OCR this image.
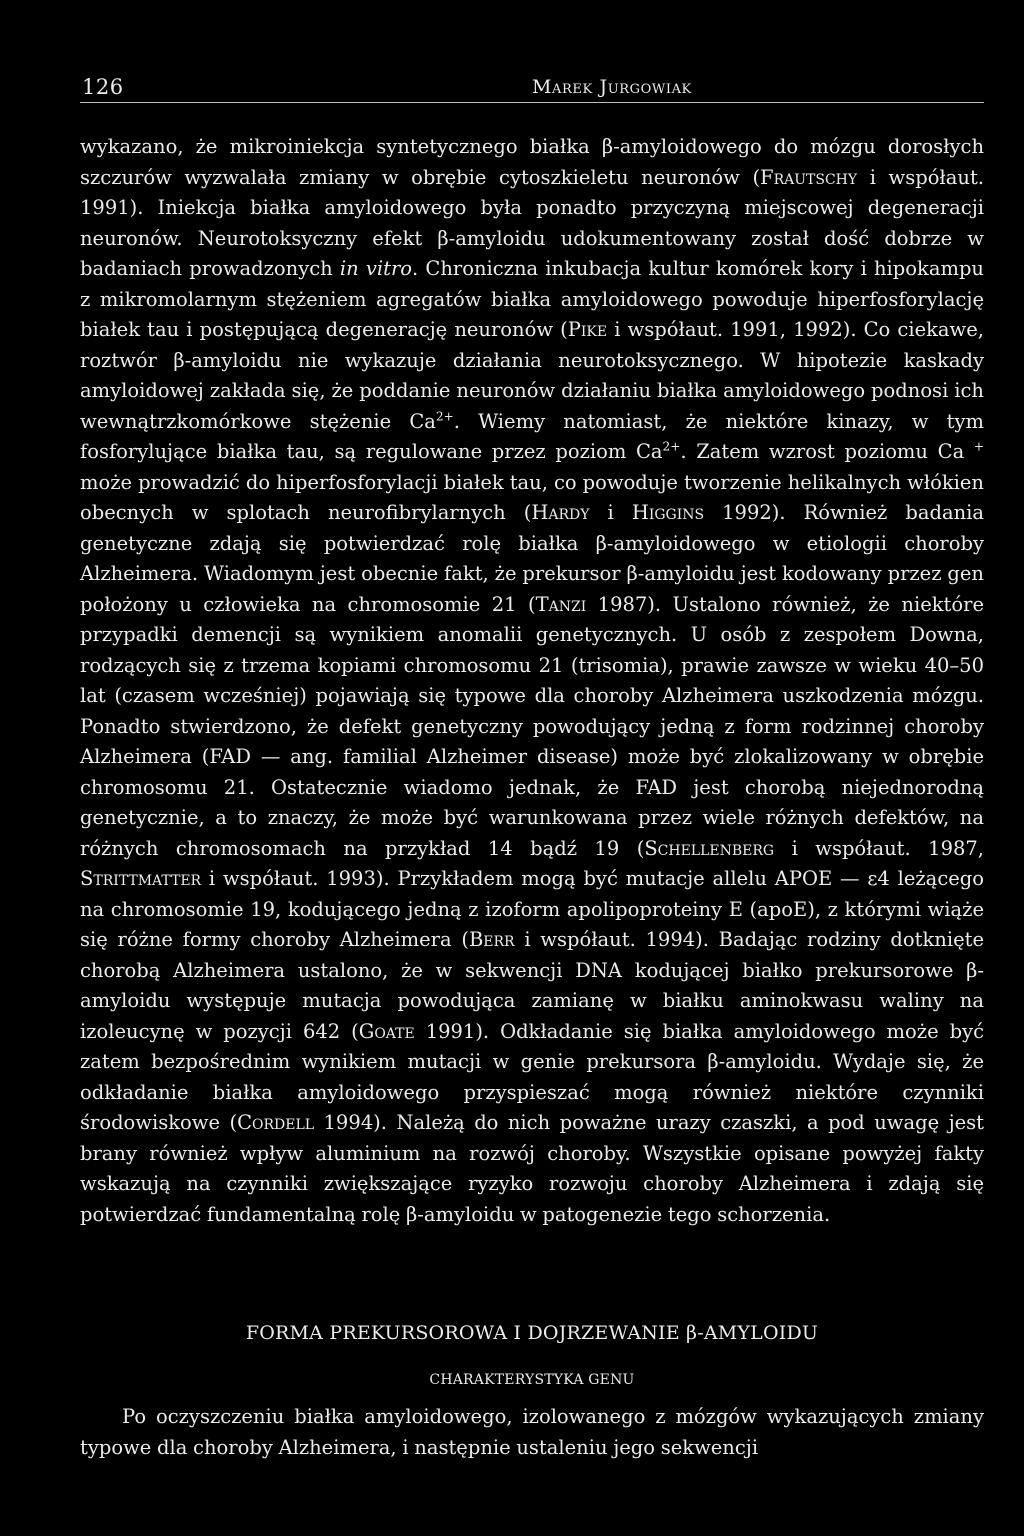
126	Marek Jurgowiak

wykazano, że mikroiniekcja syntetycznego białka β-amyloidowego do mózgu dorosłych szczurów wyzwalała zmiany w obrębie cytoszkieletu neuronów (Frautschy i współaut. 1991). Iniekcja białka amyloidowego była ponadto przyczyną miejscowej degeneracji neuronów. Neurotoksyczny efekt β-amyloidu udokumentowany został dość dobrze w badaniach prowadzonych in vitro. Chroniczna inkubacja kultur komórek kory i hipokampu z mikromolarnym stężeniem agregatów białka amyloidowego powoduje hiperfosforylację białek tau i postępującą degenerację neuronów (Pike i współaut. 1991, 1992). Co ciekawe, roztwór β-amyloidu nie wykazuje działania neurotoksycznego. W hipotezie kaskady amyloidowej zakłada się, że poddanie neuronów działaniu białka amyloidowego podnosi ich wewnątrzkomórkowe stężenie $Ca^{2+}$. Wiemy natomiast, że niektóre kinazy, w tym fosforylujące białka tau, są regulowane przez poziom $Ca^{2+}$. Zatem wzrost poziomu Ca + może prowadzić do hiperfosforylacji białek tau, co powoduje tworzenie helikalnych włókien obecnych w splotach neurofibrylarnych (Hardy i Higgins 1992). Również badania genetyczne zdają się potwierdzać rolę białka β-amyloidowego w etiologii choroby Alzheimera. Wiadomym jest obecnie fakt, że prekursor β-amyloidu jest kodowany przez gen położony u człowieka na chromosomie 21 (Tanzi 1987). Ustalono również, że niektóre przypadki demencji są wynikiem anomalii genetycznych. U osób z zespołem Downa, rodzących się z trzema kopiami chromosomu 21 (trisomia), prawie zawsze w wieku 40–50 lat (czasem wcześniej) pojawiają się typowe dla choroby Alzheimera uszkodzenia mózgu. Ponadto stwierdzono, że defekt genetyczny powodujący jedną z form rodzinnej choroby Alzheimera (FAD — ang. familial Alzheimer disease) może być zlokalizowany w obrębie chromosomu 21. Ostatecznie wiadomo jednak, że FAD jest chorobą niejednorodną genetycznie, a to znaczy, że może być warunkowana przez wiele różnych defektów, na różnych chromosomach na przykład 14 bądź 19 (Schellenberg i współaut. 1987, Strittmatter i współaut. 1993). Przykładem mogą być mutacje allelu APOE — ε4 leżącego na chromosomie 19, kodującego jedną z izoform apolipoproteiny E (apoE), z którymi wiąże się różne formy choroby Alzheimera (Berr i współaut. 1994). Badając rodziny dotknięte chorobą Alzheimera ustalono, że w sekwencji DNA kodującej białko prekursorowe β-amyloidu występuje mutacja powodująca zamianę w białku aminokwasu waliny na izoleucynę w pozycji 642 (Goate 1991). Odkładanie się białka amyloidowego może być zatem bezpośrednim wynikiem mutacji w genie prekursora β-amyloidu. Wydaje się, że odkładanie białka amyloidowego przyspieszać mogą również niektóre czynniki środowiskowe (Cordell 1994). Należą do nich poważne urazy czaszki, a pod uwagę jest brany również wpływ aluminium na rozwój choroby. Wszystkie opisane powyżej fakty wskazują na czynniki zwiększające ryzyko rozwoju choroby Alzheimera i zdają się potwierdzać fundamentalną rolę β-amyloidu w patogenezie tego schorzenia.

FORMA PREKURSOROWA I DOJRZEWANIE β-AMYLOIDU
CHARAKTERYSTYKA GENU

Po oczyszczeniu białka amyloidowego, izolowanego z mózgów wykazujących zmiany typowe dla choroby Alzheimera, i następnie ustaleniu jego sekwencji
